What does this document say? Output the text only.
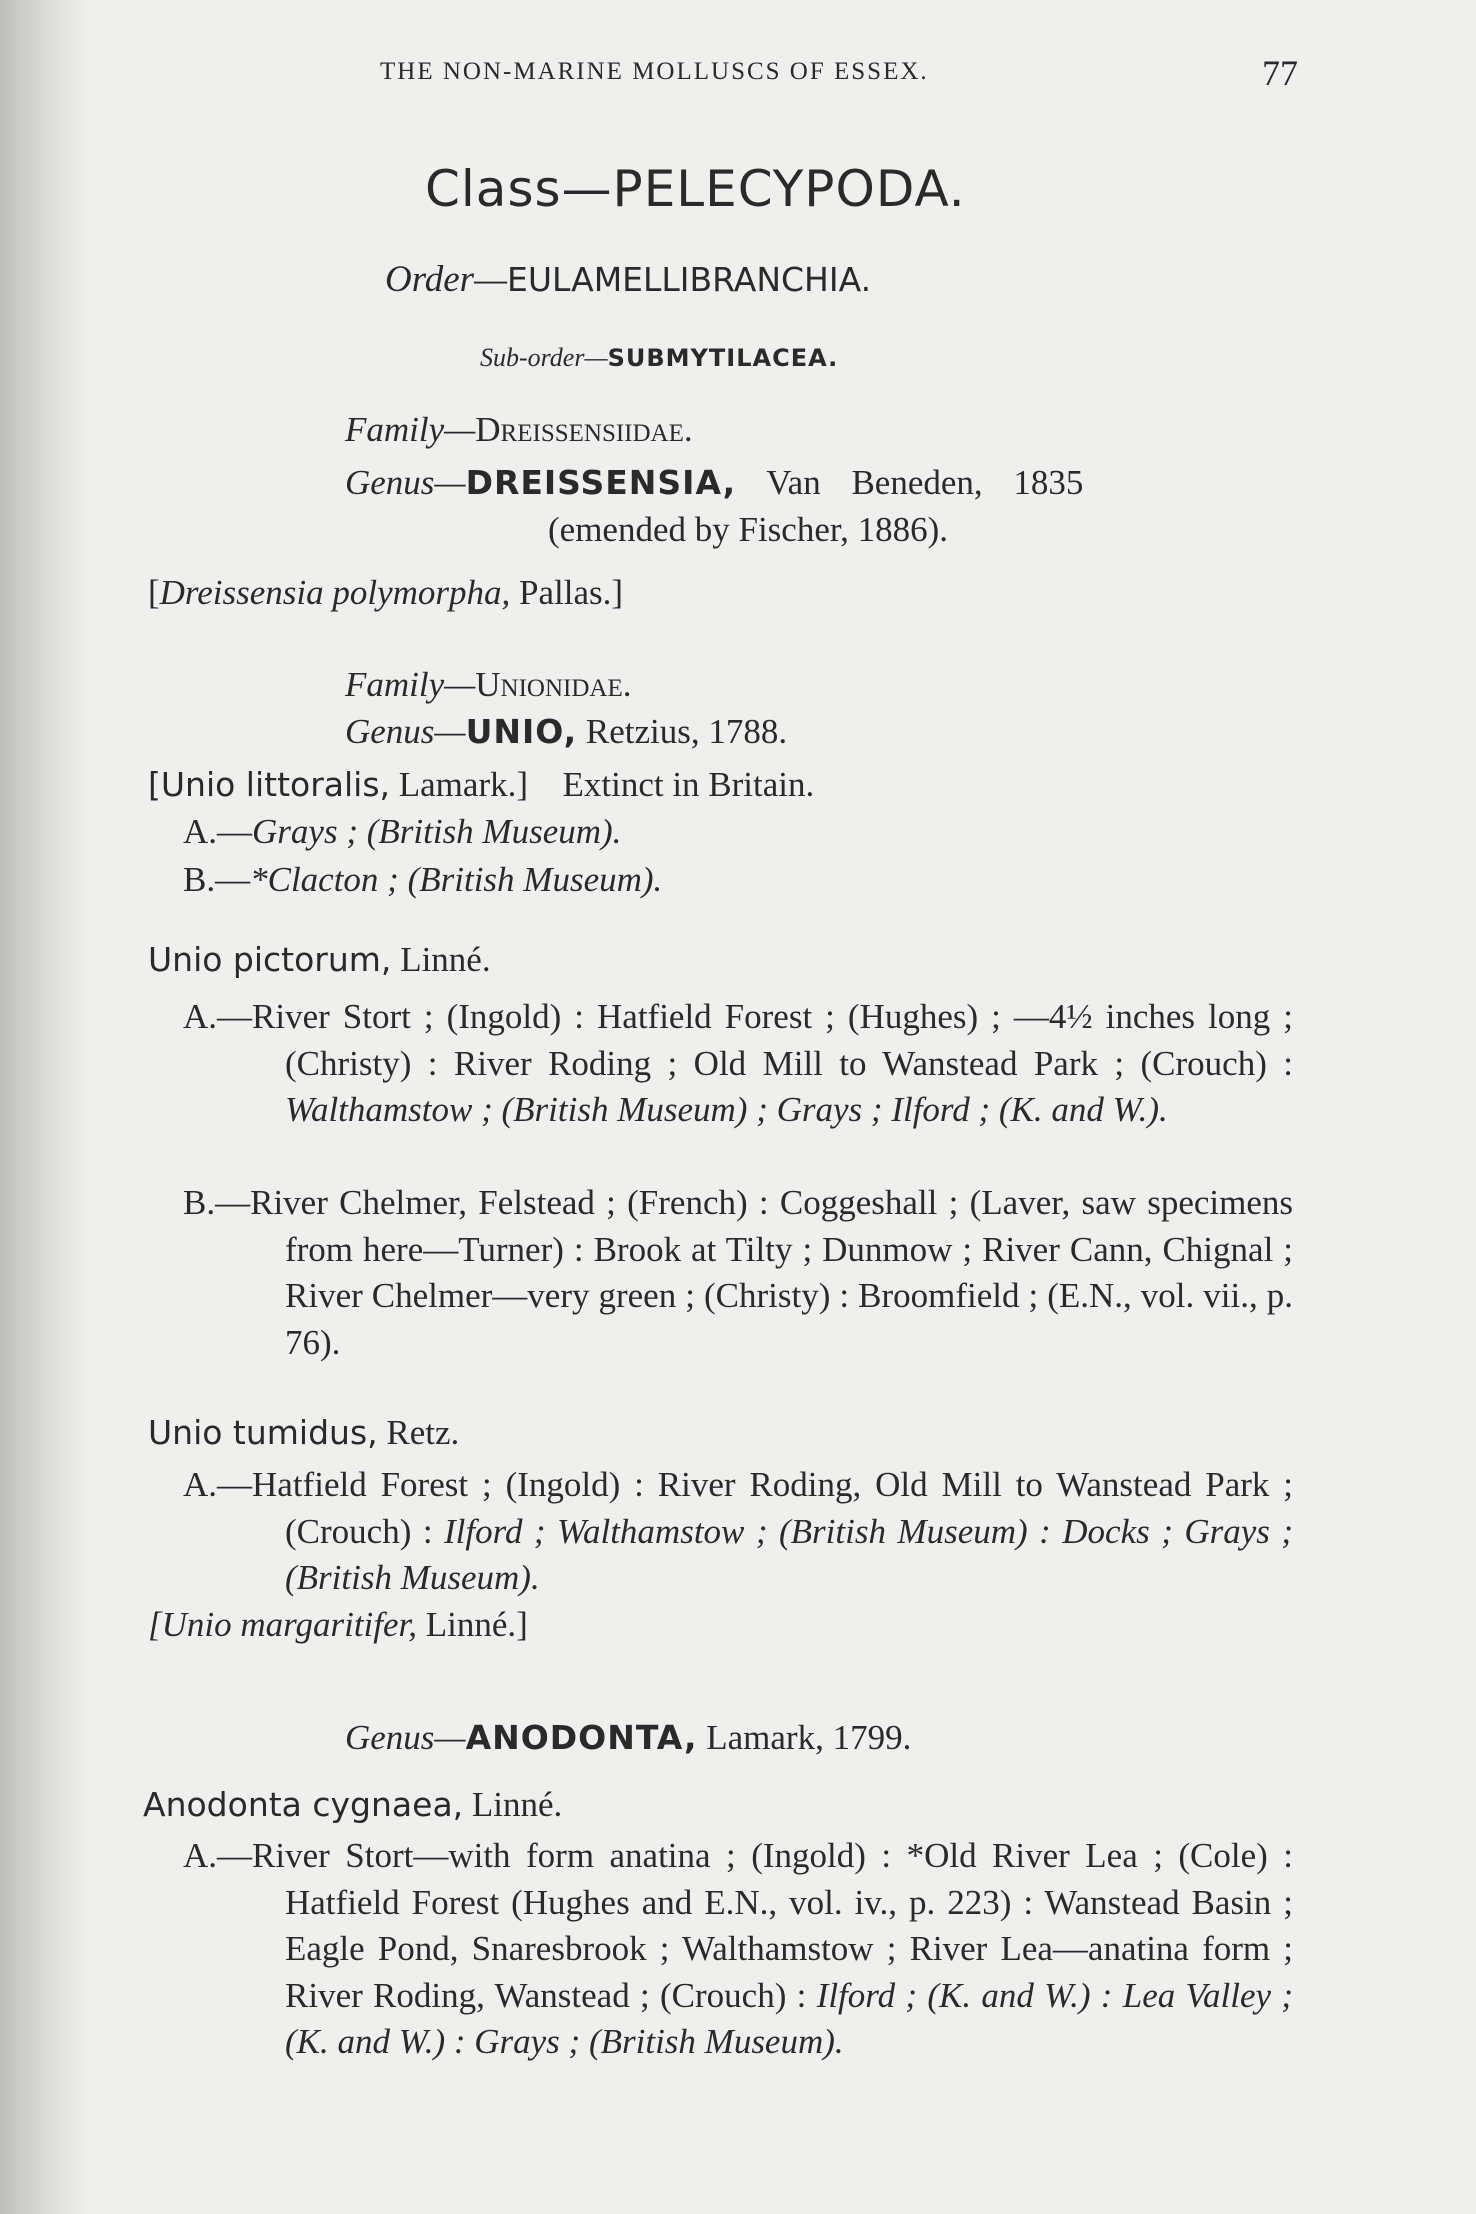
THE NON-MARINE MOLLUSCS OF ESSEX.	77
Class—PELECYPODA.
Order—EULAMELLIBRANCHIA.
Sub-order—SUBMYTILACEA.
Family—Dreissensiidae.
Genus—DREISSENSIA, Van Beneden, 1835
(emended by Fischer, 1886).
[Dreissensia polymorpha, Pallas.]
Family—Unionidae.
Genus—UNIO, Retzius, 1788.
[Unio littoralis, Lamark.] Extinct in Britain.
A.—Grays ; (British Museum).
B.—*Clacton ; (British Museum).
Unio pictorum, Linné.
A.—River Stort ; (Ingold) : Hatfield Forest ; (Hughes) ; —4½ inches long ; (Christy) : River Roding ; Old Mill to Wanstead Park ; (Crouch) : Walthamstow ; (British Museum) ; Grays ; Ilford ; (K. and W.).
B.—River Chelmer, Felstead ; (French) : Coggeshall ; (Laver, saw specimens from here—Turner) : Brook at Tilty ; Dunmow ; River Cann, Chignal ; River Chelmer—very green ; (Christy) : Broomfield ; (E.N., vol. vii., p. 76).
Unio tumidus, Retz.
A.—Hatfield Forest ; (Ingold) : River Roding, Old Mill to Wanstead Park ; (Crouch) : Ilford ; Walthamstow ; (British Museum) : Docks ; Grays ; (British Museum).
[Unio margaritifer, Linné.]
Genus—ANODONTA, Lamark, 1799.
Anodonta cygnaea, Linné.
A.—River Stort—with form anatina ; (Ingold) : *Old River Lea ; (Cole) : Hatfield Forest (Hughes and E.N., vol. iv., p. 223) : Wanstead Basin ; Eagle Pond, Snaresbrook ; Walthamstow ; River Lea—anatina form ; River Roding, Wanstead ; (Crouch) : Ilford ; (K. and W.) : Lea Valley ; (K. and W.) : Grays ; (British Museum).
